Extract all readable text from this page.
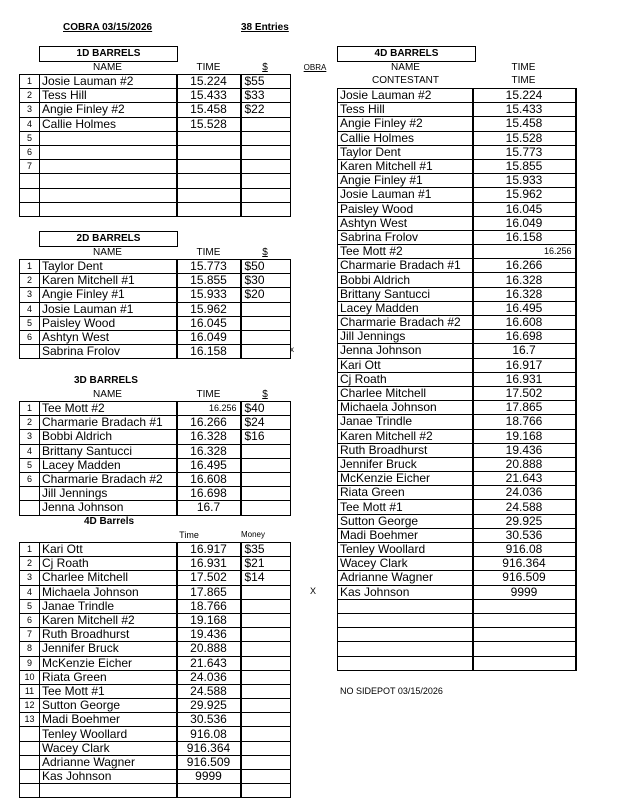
COBRA 03/15/2026	38 Entries
1D BARRELS
NAME	TIME	$	OBRA
1	Josie Lauman #2	15.224	$55
2	Tess Hill	15.433	$33
3	Angie Finley #2	15.458	$22
4	Callie Holmes	15.528	
5			
6			
7			

2D BARRELS
NAME	TIME	$
1	Taylor Dent	15.773	$50
2	Karen Mitchell #1	15.855	$30
3	Angie Finley #1	15.933	$20
4	Josie Lauman #1	15.962	
5	Paisley Wood	16.045	
6	Ashtyn West	16.049	
	Sabrina Frolov	16.158		x
3D BARRELS
NAME	TIME	$
1	Tee Mott #2	16.256	$40
2	Charmarie Bradach #1	16.266	$24
3	Bobbi Aldrich	16.328	$16
4	Brittany Santucci	16.328	
5	Lacey Madden	16.495	
6	Charmarie Bradach #2	16.608	
	Jill Jennings	16.698	
	Jenna Johnson	16.7	
4D Barrels
Time	Money
1	Kari Ott	16.917	$35
2	Cj Roath	16.931	$21
3	Charlee Mitchell	17.502	$14
4	Michaela Johnson	17.865	
5	Janae Trindle	18.766	
6	Karen Mitchell #2	19.168	
7	Ruth Broadhurst	19.436	
8	Jennifer Bruck	20.888	
9	McKenzie Eicher	21.643	
10	Riata Green	24.036	
11	Tee Mott #1	24.588	
12	Sutton George	29.925	
13	Madi Boehmer	30.536	
	Tenley Woollard	916.08	
	Wacey Clark	916.364	
	Adrianne Wagner	916.509	
	Kas Johnson	9999	

X
4D BARRELS
NAME	TIME
CONTESTANT	TIME
Josie Lauman #2	15.224
Tess Hill	15.433
Angie Finley #2	15.458
Callie Holmes	15.528
Taylor Dent	15.773
Karen Mitchell #1	15.855
Angie Finley #1	15.933
Josie Lauman #1	15.962
Paisley Wood	16.045
Ashtyn West	16.049
Sabrina Frolov	16.158
Tee Mott #2	16.256
Charmarie Bradach #1	16.266
Bobbi Aldrich	16.328
Brittany Santucci	16.328
Lacey Madden	16.495
Charmarie Bradach #2	16.608
Jill Jennings	16.698
Jenna Johnson	16.7
Kari Ott	16.917
Cj Roath	16.931
Charlee Mitchell	17.502
Michaela Johnson	17.865
Janae Trindle	18.766
Karen Mitchell #2	19.168
Ruth Broadhurst	19.436
Jennifer Bruck	20.888
McKenzie Eicher	21.643
Riata Green	24.036
Tee Mott #1	24.588
Sutton George	29.925
Madi Boehmer	30.536
Tenley Woollard	916.08
Wacey Clark	916.364
Adrianne Wagner	916.509
Kas Johnson	9999

NO SIDEPOT 03/15/2026
